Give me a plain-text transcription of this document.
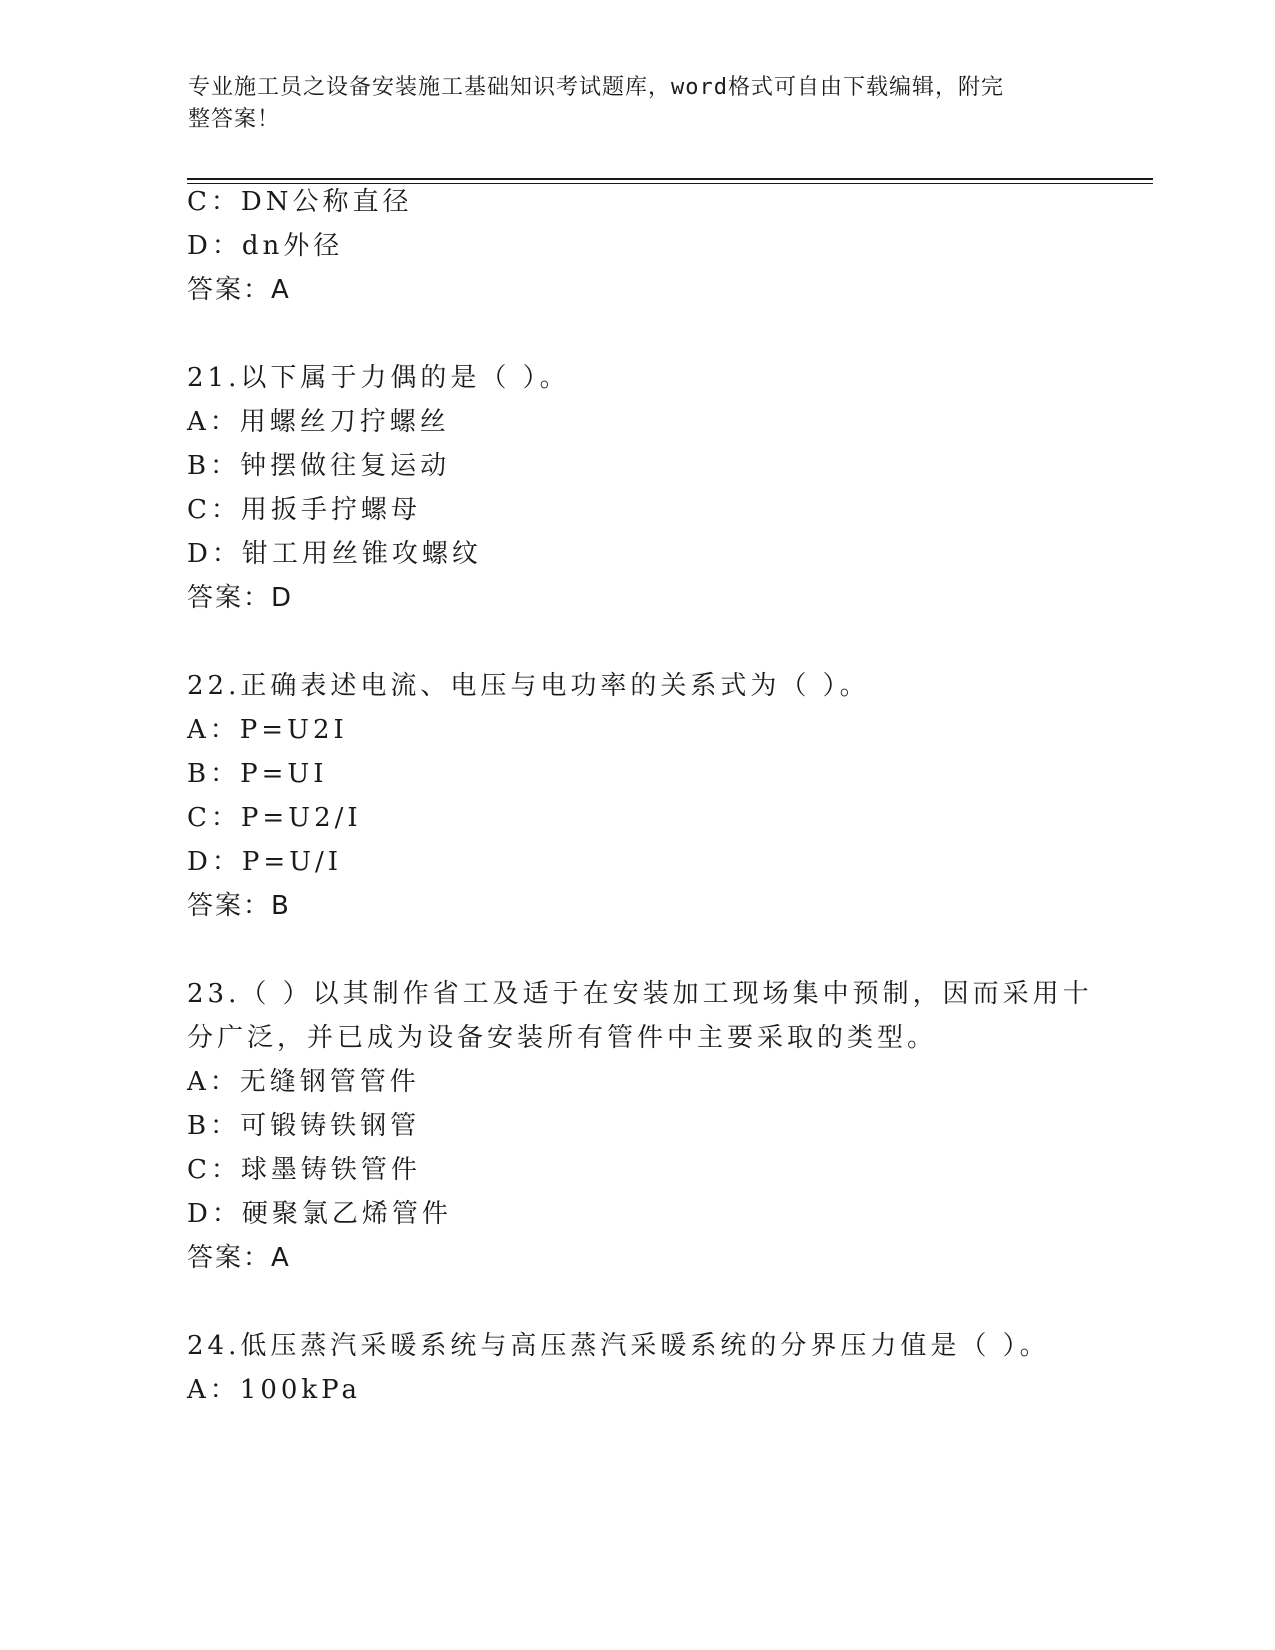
专业施工员之设备安装施工基础知识考试题库，word格式可自由下载编辑，附完
整答案！
C：DN公称直径
D：dn外径
答案：A
21.以下属于力偶的是（ ）。
A：用螺丝刀拧螺丝
B：钟摆做往复运动
C：用扳手拧螺母
D：钳工用丝锥攻螺纹
答案：D
22.正确表述电流、电压与电功率的关系式为（ ）。
A：P=U2I
B：P=UI
C：P=U2/I
D：P=U/I
答案：B
23.（ ）以其制作省工及适于在安装加工现场集中预制，因而采用十
分广泛，并已成为设备安装所有管件中主要采取的类型。
A：无缝钢管管件
B：可锻铸铁钢管
C：球墨铸铁管件
D：硬聚氯乙烯管件
答案：A
24.低压蒸汽采暖系统与高压蒸汽采暖系统的分界压力值是（ ）。
A：100kPa
